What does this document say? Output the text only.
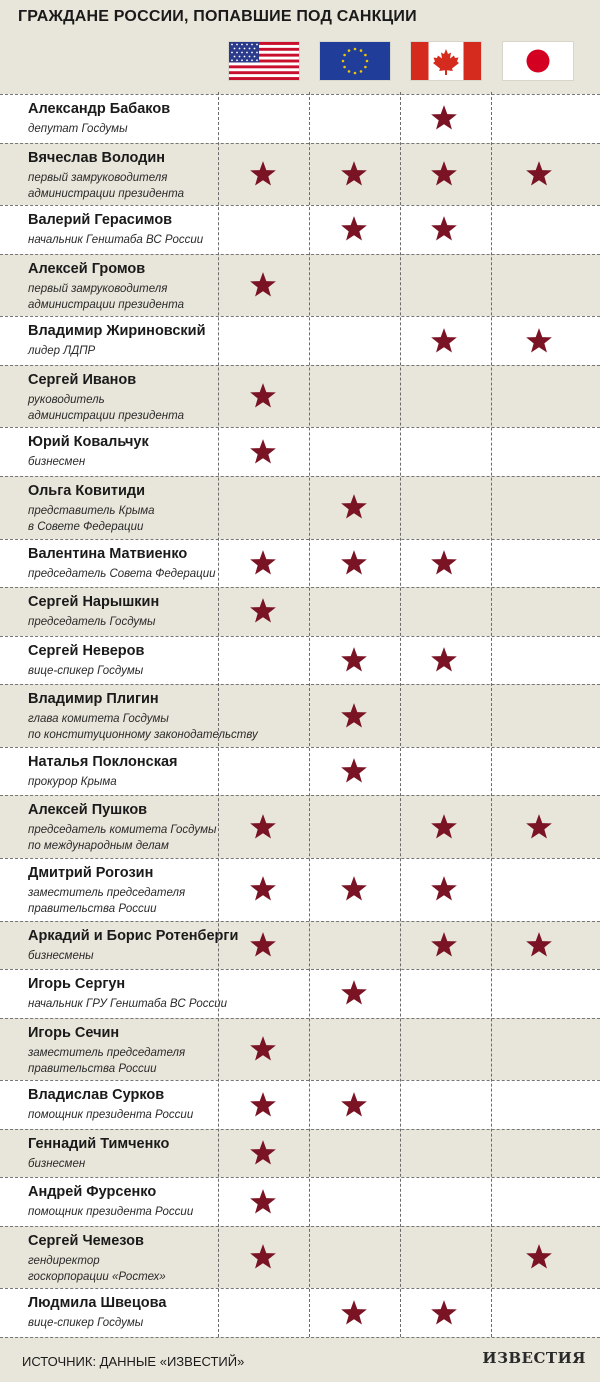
ГРАЖДАНЕ РОССИИ, ПОПАВШИЕ ПОД САНКЦИИ
Александр Бабаков
депутат Госдумы
Вячеслав Володин
первый замруководителя
администрации президента
Валерий Герасимов
начальник Генштаба ВС России
Алексей Громов
первый замруководителя
администрации президента
Владимир Жириновский
лидер ЛДПР
Сергей Иванов
руководитель
администрации президента
Юрий Ковальчук
бизнесмен
Ольга Ковитиди
представитель Крыма
в Совете Федерации
Валентина Матвиенко
председатель Совета Федерации
Сергей Нарышкин
председатель Госдумы
Сергей Неверов
вице-спикер Госдумы
Владимир Плигин
глава комитета Госдумы
по конституционному законодательству
Наталья Поклонская
прокурор Крыма
Алексей Пушков
председатель комитета Госдумы
по международным делам
Дмитрий Рогозин
заместитель председателя
правительства России
Аркадий и Борис Ротенберги
бизнесмены
Игорь Сергун
начальник ГРУ Генштаба ВС России
Игорь Сечин
заместитель председателя
правительства России
Владислав Сурков
помощник президента России
Геннадий Тимченко
бизнесмен
Андрей Фурсенко
помощник президента России
Сергей Чемезов
гендиректор
госкорпорации «Ростех»
Людмила Швецова
вице-спикер Госдумы
ИСТОЧНИК: ДАННЫЕ «ИЗВЕСТИЙ»	ИЗВЕСТИЯ
